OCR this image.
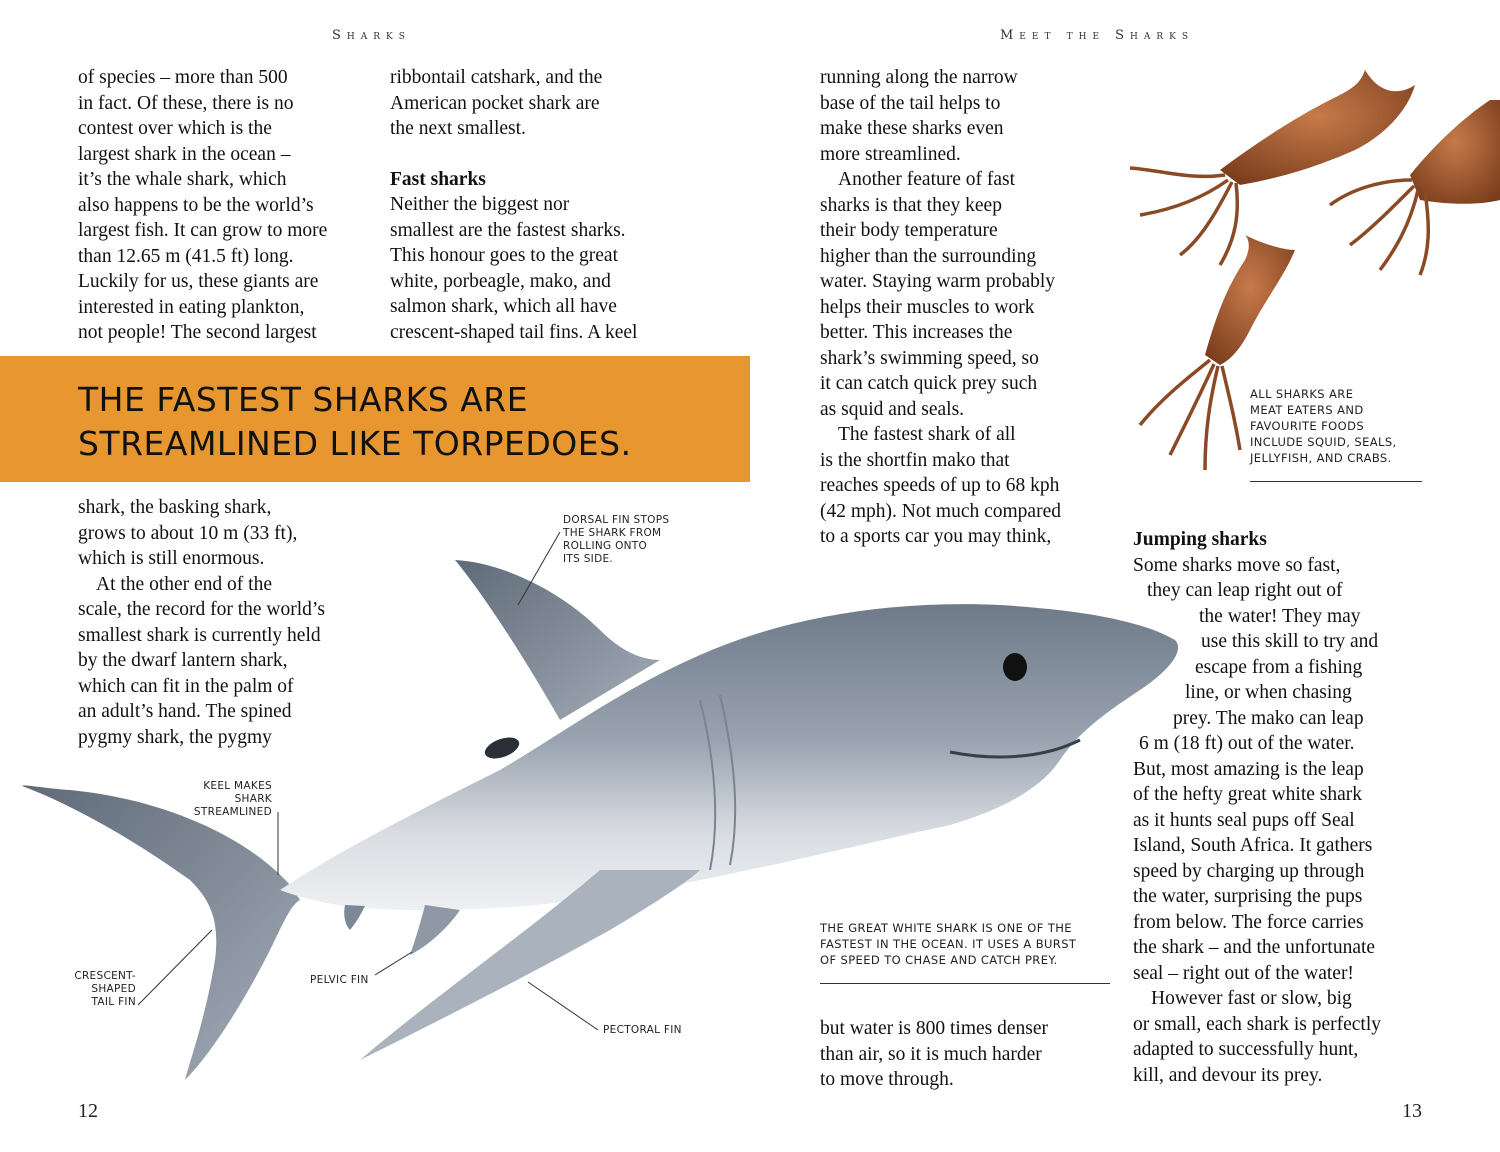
Sharks	Meet the Sharks

of species – more than 500

in fact. Of these, there is no

contest over which is the

largest shark in the ocean –

it’s the whale shark, which

also happens to be the world’s

largest fish. It can grow to more

than 12.65 m (41.5 ft) long.

Luckily for us, these giants are

interested in eating plankton,

not people! The second largest

ribbontail catshark, and the

American pocket shark are

the next smallest.

Fast sharks

Neither the biggest nor

smallest are the fastest sharks.

This honour goes to the great

white, porbeagle, mako, and

salmon shark, which all have

crescent-shaped tail fins. A keel

THE FASTEST SHARKS ARE
STREAMLINED LIKE TORPEDOES.

shark, the basking shark,

grows to about 10 m (33 ft),

which is still enormous.

At the other end of the

scale, the record for the world’s

smallest shark is currently held

by the dwarf lantern shark,

which can fit in the palm of

an adult’s hand. The spined

pygmy shark, the pygmy

running along the narrow

base of the tail helps to

make these sharks even

more streamlined.

Another feature of fast

sharks is that they keep

their body temperature

higher than the surrounding

water. Staying warm probably

helps their muscles to work

better. This increases the

shark’s swimming speed, so

it can catch quick prey such

as squid and seals.

The fastest shark of all

is the shortfin mako that

reaches speeds of up to 68 kph

(42 mph). Not much compared

to a sports car you may think,

but water is 800 times denser

than air, so it is much harder

to move through.

Jumping sharks

Some sharks move so fast,

they can leap right out of

the water! They may

use this skill to try and

escape from a fishing

line, or when chasing

prey. The mako can leap

6 m (18 ft) out of the water.

But, most amazing is the leap

of the hefty great white shark

as it hunts seal pups off Seal

Island, South Africa. It gathers

speed by charging up through

the water, surprising the pups

from below. The force carries

the shark – and the unfortunate

seal – right out of the water!

However fast or slow, big

or small, each shark is perfectly

adapted to successfully hunt,

kill, and devour its prey.

ALL SHARKS ARE
MEAT EATERS AND
FAVOURITE FOODS
INCLUDE SQUID, SEALS,
JELLYFISH, AND CRABS.
THE GREAT WHITE SHARK IS ONE OF THE
FASTEST IN THE OCEAN. IT USES A BURST
OF SPEED TO CHASE AND CATCH PREY.
DORSAL FIN STOPS
THE SHARK FROM
ROLLING ONTO
ITS SIDE.
KEEL MAKES
SHARK
STREAMLINED
CRESCENT-
SHAPED
TAIL FIN
PELVIC FIN
PECTORAL FIN
12	13
